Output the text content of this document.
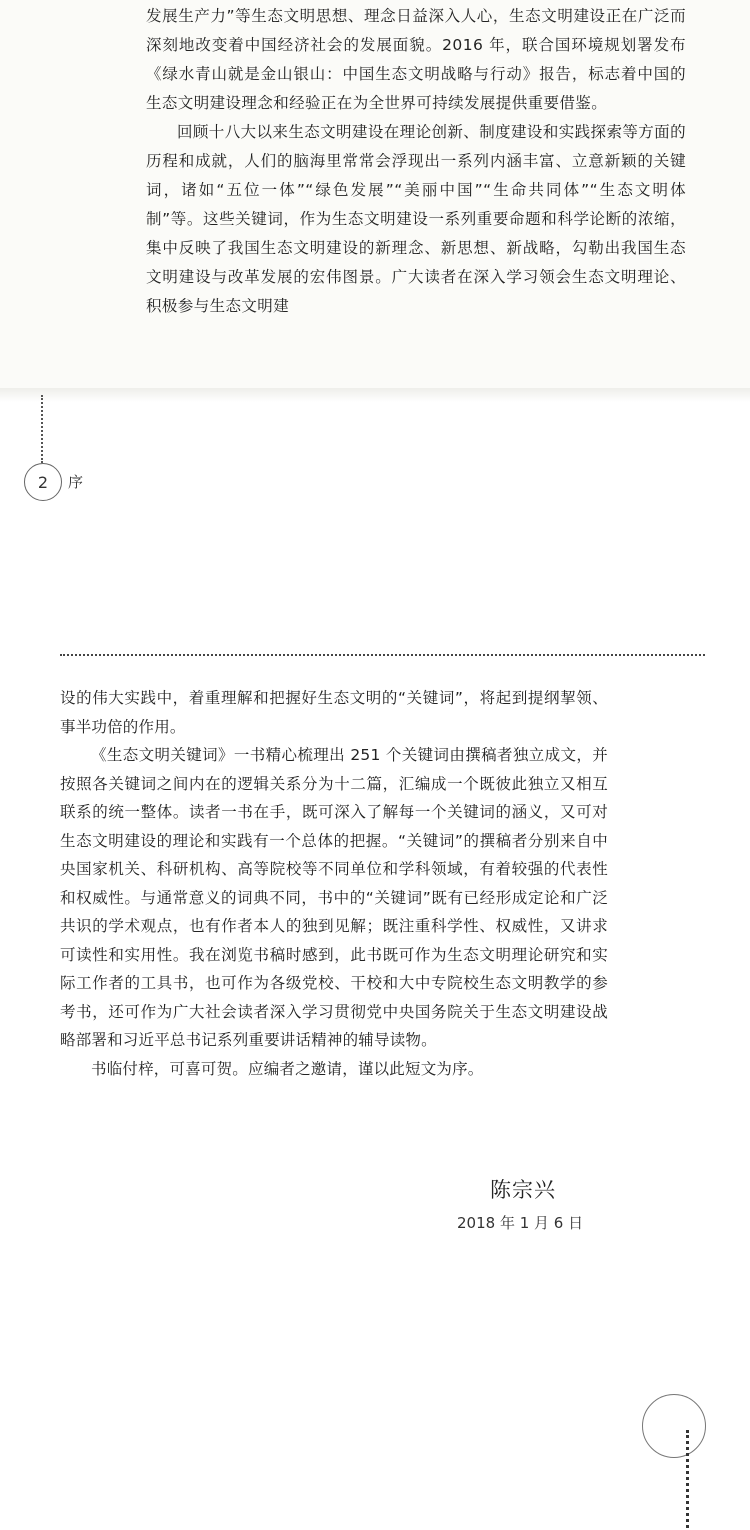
发展生产力”等生态文明思想、理念日益深入人心，生态文明建设正在广泛而深刻地改变着中国经济社会的发展面貌。2016 年，联合国环境规划署发布《绿水青山就是金山银山：中国生态文明战略与行动》报告，标志着中国的生态文明建设理念和经验正在为全世界可持续发展提供重要借鉴。

回顾十八大以来生态文明建设在理论创新、制度建设和实践探索等方面的历程和成就，人们的脑海里常常会浮现出一系列内涵丰富、立意新颖的关键词，诸如“五位一体”“绿色发展”“美丽中国”“生命共同体”“生态文明体制”等。这些关键词，作为生态文明建设一系列重要命题和科学论断的浓缩，集中反映了我国生态文明建设的新理念、新思想、新战略，勾勒出我国生态文明建设与改革发展的宏伟图景。广大读者在深入学习领会生态文明理论、积极参与生态文明建

2 序

设的伟大实践中，着重理解和把握好生态文明的“关键词”，将起到提纲挈领、事半功倍的作用。

《生态文明关键词》一书精心梳理出 251 个关键词由撰稿者独立成文，并按照各关键词之间内在的逻辑关系分为十二篇，汇编成一个既彼此独立又相互联系的统一整体。读者一书在手，既可深入了解每一个关键词的涵义，又可对生态文明建设的理论和实践有一个总体的把握。“关键词”的撰稿者分别来自中央国家机关、科研机构、高等院校等不同单位和学科领域，有着较强的代表性和权威性。与通常意义的词典不同，书中的“关键词”既有已经形成定论和广泛共识的学术观点，也有作者本人的独到见解；既注重科学性、权威性，又讲求可读性和实用性。我在浏览书稿时感到，此书既可作为生态文明理论研究和实际工作者的工具书，也可作为各级党校、干校和大中专院校生态文明教学的参考书，还可作为广大社会读者深入学习贯彻党中央国务院关于生态文明建设战略部署和习近平总书记系列重要讲话精神的辅导读物。

书临付梓，可喜可贺。应编者之邀请，谨以此短文为序。

陈宗兴
2018 年 1 月 6 日
